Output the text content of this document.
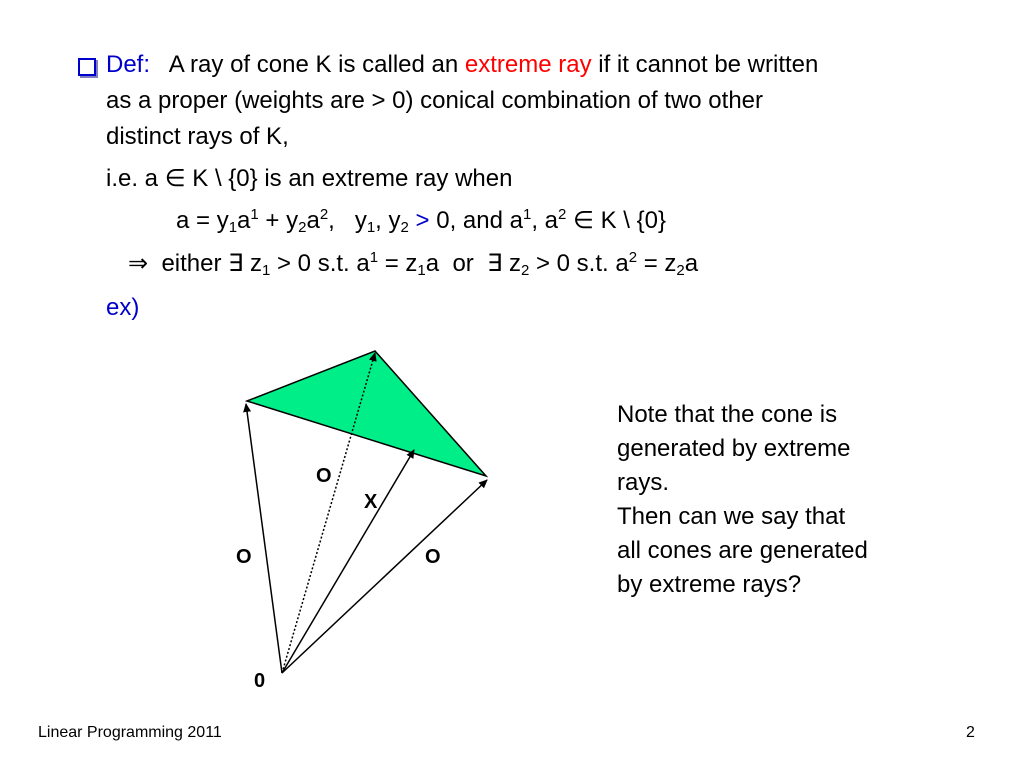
Def: A ray of cone K is called an extreme ray if it cannot be written
as a proper (weights are > 0) conical combination of two other
distinct rays of K,
i.e. a ∈ K \ {0} is an extreme ray when
$a = y_1a^1 + y_2a^2$,   $y_1$, $y_2 > 0$, and $a^1$, $a^2$ ∈ K \ {0}
⇒  either ∃ $z_1 > 0$ s.t. $a^1 = z_1a$  or  ∃ $z_2 > 0$ s.t. $a^2 = z_2a$
ex)
O
X
O	O
0
Note that the cone is
generated by extreme
rays.
Then can we say that
all cones are generated
by extreme rays?
Linear Programming 2011	2
